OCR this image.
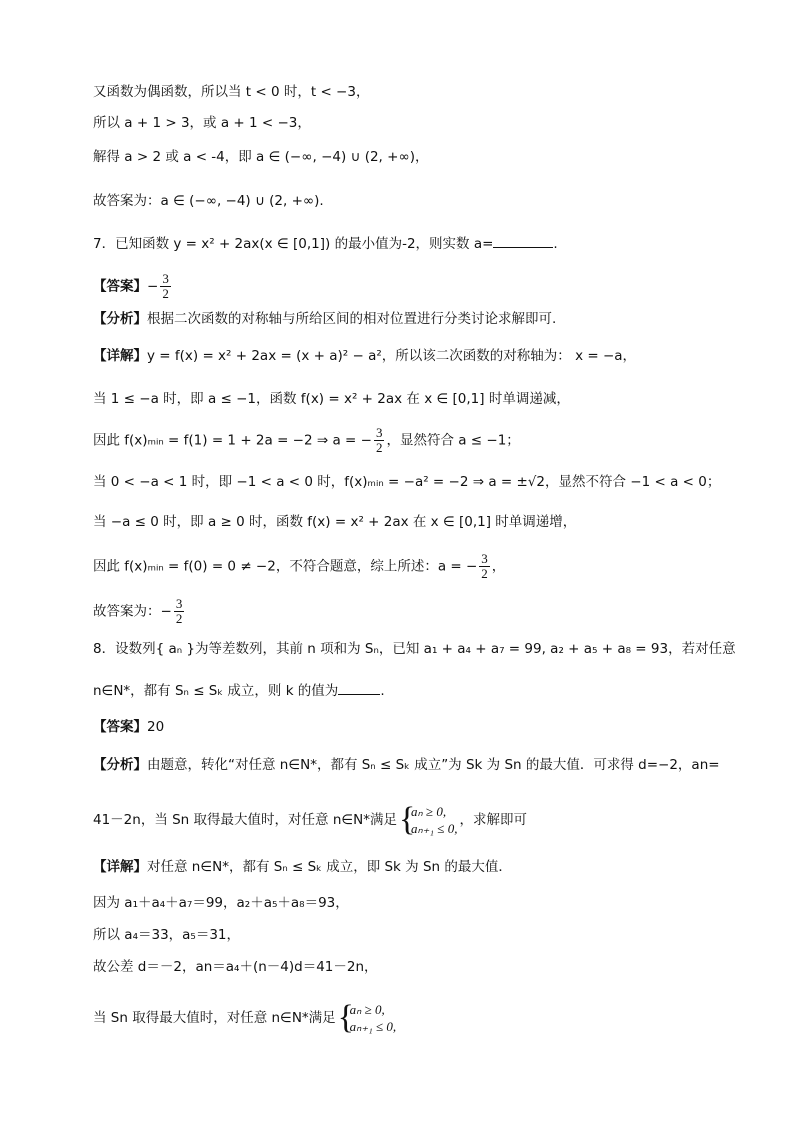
又函数为偶函数，所以当 t < 0 时，t < −3，
所以 a + 1 > 3，或 a + 1 < −3，
解得 a > 2 或 a < -4，即 a ∈ (−∞, −4) ∪ (2, +∞)，
故答案为：a ∈ (−∞, −4) ∪ (2, +∞).
7．已知函数 y = x² + 2ax(x ∈ [0,1]) 的最小值为-2，则实数 a=	.
【答案】− $\frac{3}{2}$
【分析】根据二次函数的对称轴与所给区间的相对位置进行分类讨论求解即可.
【详解】y = f(x) = x² + 2ax = (x + a)² − a²，所以该二次函数的对称轴为： x = −a，
当 1 ≤ −a 时，即 a ≤ −1，函数 f(x) = x² + 2ax 在 x ∈ [0,1] 时单调递减，
因此 f(x)ₘᵢₙ = f(1) = 1 + 2a = −2 ⇒ a = − $\frac{3}{2}$ ，显然符合 a ≤ −1；
当 0 < −a < 1 时，即 −1 < a < 0 时，f(x)ₘᵢₙ = −a² = −2 ⇒ a = ±√2，显然不符合 −1 < a < 0；
当 −a ≤ 0 时，即 a ≥ 0 时，函数 f(x) = x² + 2ax 在 x ∈ [0,1] 时单调递增，
因此 f(x)ₘᵢₙ = f(0) = 0 ≠ −2，不符合题意，综上所述：a = − $\frac{3}{2}$ ，
故答案为：− $\frac{3}{2}$
8．设数列{ aₙ }为等差数列，其前 n 项和为 Sₙ，已知 a₁ + a₄ + a₇ = 99, a₂ + a₅ + a₈ = 93，若对任意
n∈N*，都有 Sₙ ≤ Sₖ 成立，则 k 的值为	.
【答案】20
【分析】由题意，转化“对任意 n∈N*，都有 Sₙ ≤ Sₖ 成立”为 Sk 为 Sn 的最大值．可求得 d=−2，an=
41－2n，当 Sn 取得最大值时，对任意 n∈N*满足 {
aₙ ≥ 0,
aₙ₊₁ ≤ 0,
，求解即可
【详解】对任意 n∈N*，都有 Sₙ ≤ Sₖ 成立，即 Sk 为 Sn 的最大值．
因为 a₁＋a₄＋a₇＝99，a₂＋a₅＋a₈＝93，
所以 a₄＝33，a₅＝31，
故公差 d＝－2，an＝a₄＋(n－4)d＝41－2n，
当 Sn 取得最大值时，对任意 n∈N*满足 {
aₙ ≥ 0,
aₙ₊₁ ≤ 0,
